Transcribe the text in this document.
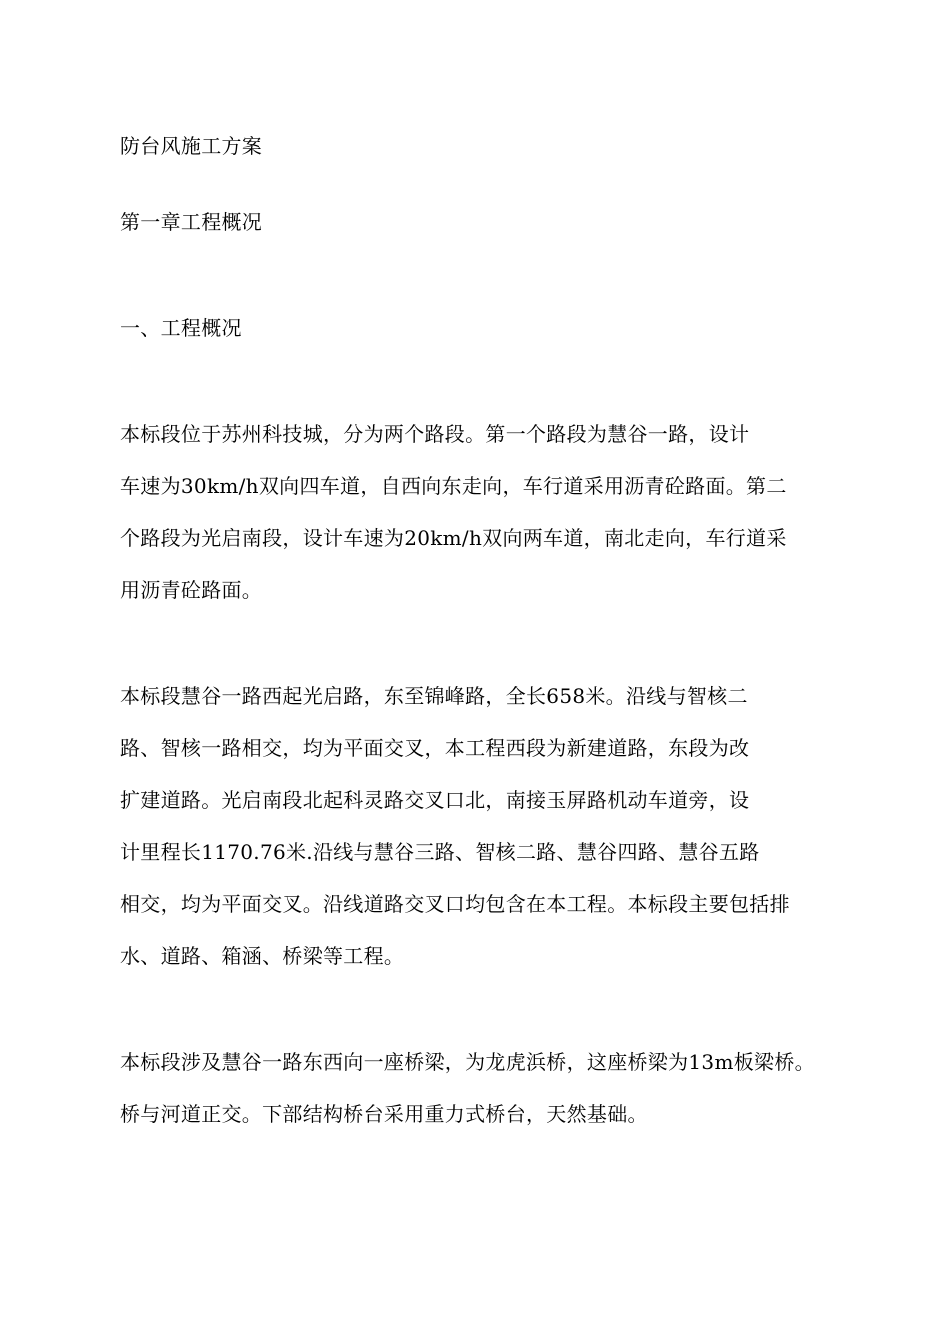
防台风施工方案
第一章工程概况
一、工程概况
本标段位于苏州科技城，分为两个路段。第一个路段为慧谷一路，设计
车速为30km/h双向四车道，自西向东走向，车行道采用沥青砼路面。第二
个路段为光启南段，设计车速为20km/h双向两车道，南北走向，车行道采
用沥青砼路面。
本标段慧谷一路西起光启路，东至锦峰路，全长658米。沿线与智核二
路、智核一路相交，均为平面交叉，本工程西段为新建道路，东段为改
扩建道路。光启南段北起科灵路交叉口北，南接玉屏路机动车道旁，设
计里程长1170.76米.沿线与慧谷三路、智核二路、慧谷四路、慧谷五路
相交，均为平面交叉。沿线道路交叉口均包含在本工程。本标段主要包括排
水、道路、箱涵、桥梁等工程。
本标段涉及慧谷一路东西向一座桥梁，为龙虎浜桥，这座桥梁为13m板梁桥。
桥与河道正交。下部结构桥台采用重力式桥台，天然基础。
